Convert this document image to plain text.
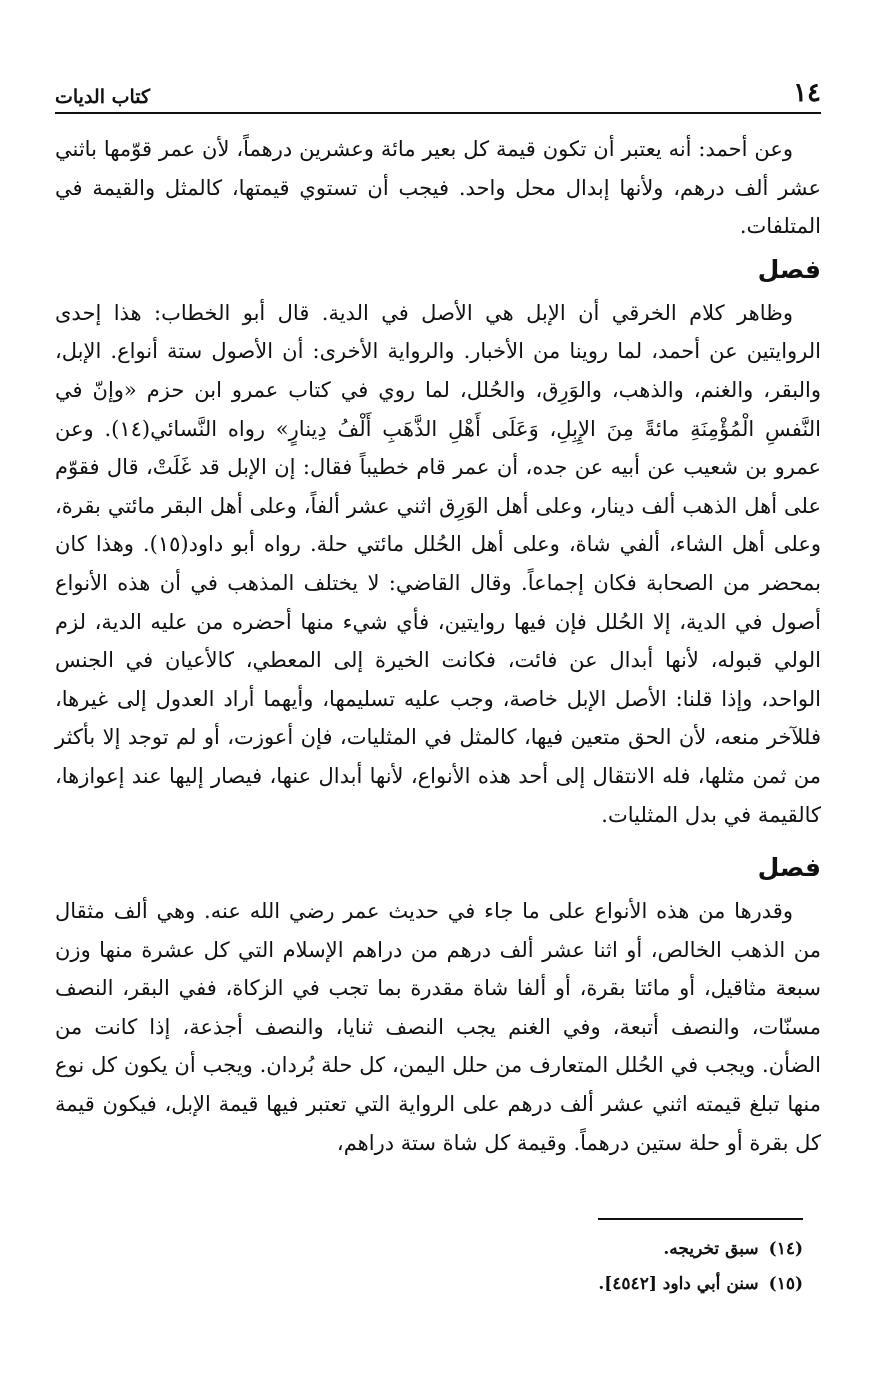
١٤
كتاب الديات

وعن أحمد: أنه يعتبر أن تكون قيمة كل بعير مائة وعشرين درهماً، لأن عمر قوّمها باثني عشر ألف درهم، ولأنها إبدال محل واحد. فيجب أن تستوي قيمتها، كالمثل والقيمة في المتلفات.

فصل

وظاهر كلام الخرقي أن الإبل هي الأصل في الدية. قال أبو الخطاب: هذا إحدى الروايتين عن أحمد، لما روينا من الأخبار. والرواية الأخرى: أن الأصول ستة أنواع. الإبل، والبقر، والغنم، والذهب، والوَرِق، والحُلل، لما روي في كتاب عمرو ابن حزم «وإنّ في النَّفسِ الْمُؤْمِنَةِ مائةً مِنَ الإِبِلِ، وَعَلَى أَهْلِ الذَّهَبِ أَلْفُ دِينارٍ» رواه النَّسائي(١٤). وعن عمرو بن شعيب عن أبيه عن جده، أن عمر قام خطيباً فقال: إن الإبل قد غَلَتْ، قال فقوّم على أهل الذهب ألف دينار، وعلى أهل الوَرِق اثني عشر ألفاً، وعلى أهل البقر مائتي بقرة، وعلى أهل الشاء، ألفي شاة، وعلى أهل الحُلل مائتي حلة. رواه أبو داود(١٥). وهذا كان بمحضر من الصحابة فكان إجماعاً. وقال القاضي: لا يختلف المذهب في أن هذه الأنواع أصول في الدية، إلا الحُلل فإن فيها روايتين، فأي شيء منها أحضره من عليه الدية، لزم الولي قبوله، لأنها أبدال عن فائت، فكانت الخيرة إلى المعطي، كالأعيان في الجنس الواحد، وإذا قلنا: الأصل الإبل خاصة، وجب عليه تسليمها، وأيهما أراد العدول إلى غيرها، فللآخر منعه، لأن الحق متعين فيها، كالمثل في المثليات، فإن أعوزت، أو لم توجد إلا بأكثر من ثمن مثلها، فله الانتقال إلى أحد هذه الأنواع، لأنها أبدال عنها، فيصار إليها عند إعوازها، كالقيمة في بدل المثليات.

فصل

وقدرها من هذه الأنواع على ما جاء في حديث عمر رضي الله عنه. وهي ألف مثقال من الذهب الخالص، أو اثنا عشر ألف درهم من دراهم الإسلام التي كل عشرة منها وزن سبعة مثاقيل، أو مائتا بقرة، أو ألفا شاة مقدرة بما تجب في الزكاة، ففي البقر، النصف مسنّات، والنصف أتبعة، وفي الغنم يجب النصف ثنايا، والنصف أجذعة، إذا كانت من الضأن. ويجب في الحُلل المتعارف من حلل اليمن، كل حلة بُردان. ويجب أن يكون كل نوع منها تبلغ قيمته اثني عشر ألف درهم على الرواية التي تعتبر فيها قيمة الإبل، فيكون قيمة كل بقرة أو حلة ستين درهماً. وقيمة كل شاة ستة دراهم،

(١٤)سبق تخريجه.
(١٥)سنن أبي داود [٤٥٤٢].
